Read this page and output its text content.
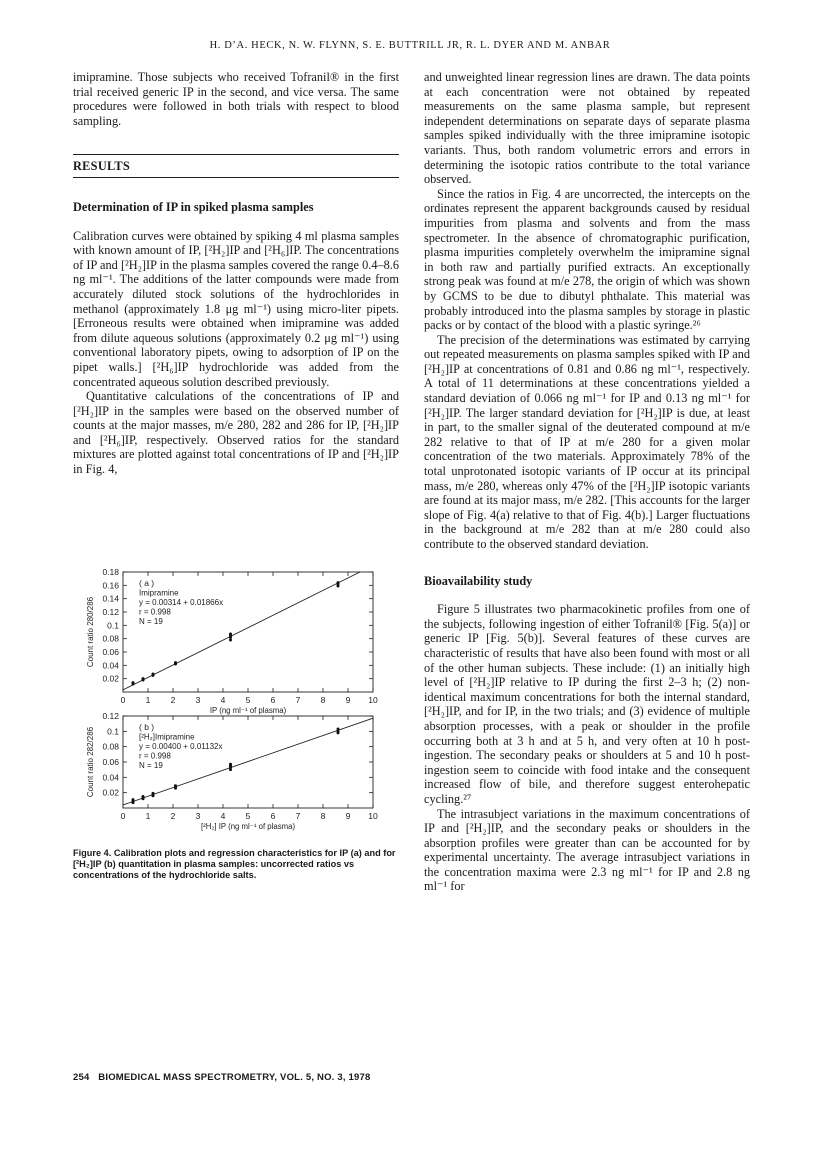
H. D’A. HECK, N. W. FLYNN, S. E. BUTTRILL JR, R. L. DYER AND M. ANBAR

imipramine. Those subjects who received Tofranil® in the first trial received generic IP in the second, and vice versa. The same procedures were followed in both trials with respect to blood sampling.

RESULTS
Determination of IP in spiked plasma samples

Calibration curves were obtained by spiking 4 ml plasma samples with known amount of IP, [²H₂]IP and [²H₆]IP. The concentrations of IP and [²H₂]IP in the plasma samples covered the range 0.4–8.6 ng ml⁻¹. The additions of the latter compounds were made from accurately diluted stock solutions of the hydrochlorides in methanol (approximately 1.8 μg ml⁻¹) using micro-liter pipets. [Erroneous results were obtained when imipramine was added from dilute aqueous solutions (approximately 0.2 μg ml⁻¹) using conventional laboratory pipets, owing to adsorption of IP on the pipet walls.] [²H₆]IP hydrochloride was added from the concentrated aqueous solution described previously.

Quantitative calculations of the concentrations of IP and [²H₂]IP in the samples were based on the observed number of counts at the major masses, m/e 280, 282 and 286 for IP, [²H₂]IP and [²H₆]IP, respectively. Observed ratios for the standard mixtures are plotted against total concentrations of IP and [²H₂]IP in Fig. 4,

0 1 2 3 4 5 6 7 8 9 10
0.02
0.04
0.06
0.08
0.1
0.12
0.14
0.16
0.18
IP (ng ml⁻¹ of plasma)
Count ratio 280/286
( a )
Imipramine
y = 0.00314 + 0.01866x
r = 0.998
N = 19
0 1 2 3 4 5 6 7 8 9 10
0.02
0.04
0.06
0.08
0.1
0.12
[²H₂] IP (ng ml⁻¹ of plasma)
Count ratio 282/286	( b )
[²H₂]Imipramine
y = 0.00400 + 0.01132x
r = 0.998
N = 19
Figure 4. Calibration plots and regression characteristics for IP (a) and for [²H₂]IP (b) quantitation in plasma samples: uncorrected ratios vs concentrations of the hydrochloride salts.

and unweighted linear regression lines are drawn. The data points at each concentration were not obtained by repeated measurements on the same plasma sample, but represent independent determinations on separate days of separate plasma samples spiked individually with the three imipramine isotopic variants. Thus, both random volumetric errors and errors in determining the isotopic ratios contribute to the total variance observed.

Since the ratios in Fig. 4 are uncorrected, the intercepts on the ordinates represent the apparent backgrounds caused by residual impurities from plasma and solvents and from the mass spectrometer. In the absence of chromatographic purification, plasma impurities completely overwhelm the imipramine signal in both raw and partially purified extracts. An exceptionally strong peak was found at m/e 278, the origin of which was shown by GCMS to be due to dibutyl phthalate. This material was probably introduced into the plasma samples by storage in plastic packs or by contact of the blood with a plastic syringe.²⁶

The precision of the determinations was estimated by carrying out repeated measurements on plasma samples spiked with IP and [²H₂]IP at concentrations of 0.81 and 0.86 ng ml⁻¹, respectively. A total of 11 determinations at these concentrations yielded a standard deviation of 0.066 ng ml⁻¹ for IP and 0.13 ng ml⁻¹ for [²H₂]IP. The larger standard deviation for [²H₂]IP is due, at least in part, to the smaller signal of the deuterated compound at m/e 282 relative to that of IP at m/e 280 for a given molar concentration of the two materials. Approximately 78% of the total unprotonated isotopic variants of IP occur at its principal mass, m/e 280, whereas only 47% of the [²H₂]IP isotopic variants are found at its major mass, m/e 282. [This accounts for the larger slope of Fig. 4(a) relative to that of Fig. 4(b).] Larger fluctuations in the background at m/e 282 than at m/e 280 could also contribute to the observed standard deviation.

Bioavailability study

Figure 5 illustrates two pharmacokinetic profiles from one of the subjects, following ingestion of either Tofranil® [Fig. 5(a)] or generic IP [Fig. 5(b)]. Several features of these curves are characteristic of results that have also been found with most or all of the other human subjects. These include: (1) an initially high level of [²H₂]IP relative to IP during the first 2–3 h; (2) non-identical maximum concentrations for both the internal standard, [²H₂]IP, and for IP, in the two trials; and (3) evidence of multiple absorption processes, with a peak or shoulder in the profile occurring both at 3 h and at 5 h, and very often at 10 h post-ingestion. The secondary peaks or shoulders at 5 and 10 h post-ingestion seem to coincide with food intake and the consequent increased flow of bile, and therefore suggest enterohepatic cycling.²⁷

The intrasubject variations in the maximum concentrations of IP and [²H₂]IP, and the secondary peaks or shoulders in the absorption profiles were greater than can be accounted for by experimental uncertainty. The average intrasubject variations in the concentration maxima were 2.3 ng ml⁻¹ for IP and 2.8 ng ml⁻¹ for

254 BIOMEDICAL MASS SPECTROMETRY, VOL. 5, NO. 3, 1978
